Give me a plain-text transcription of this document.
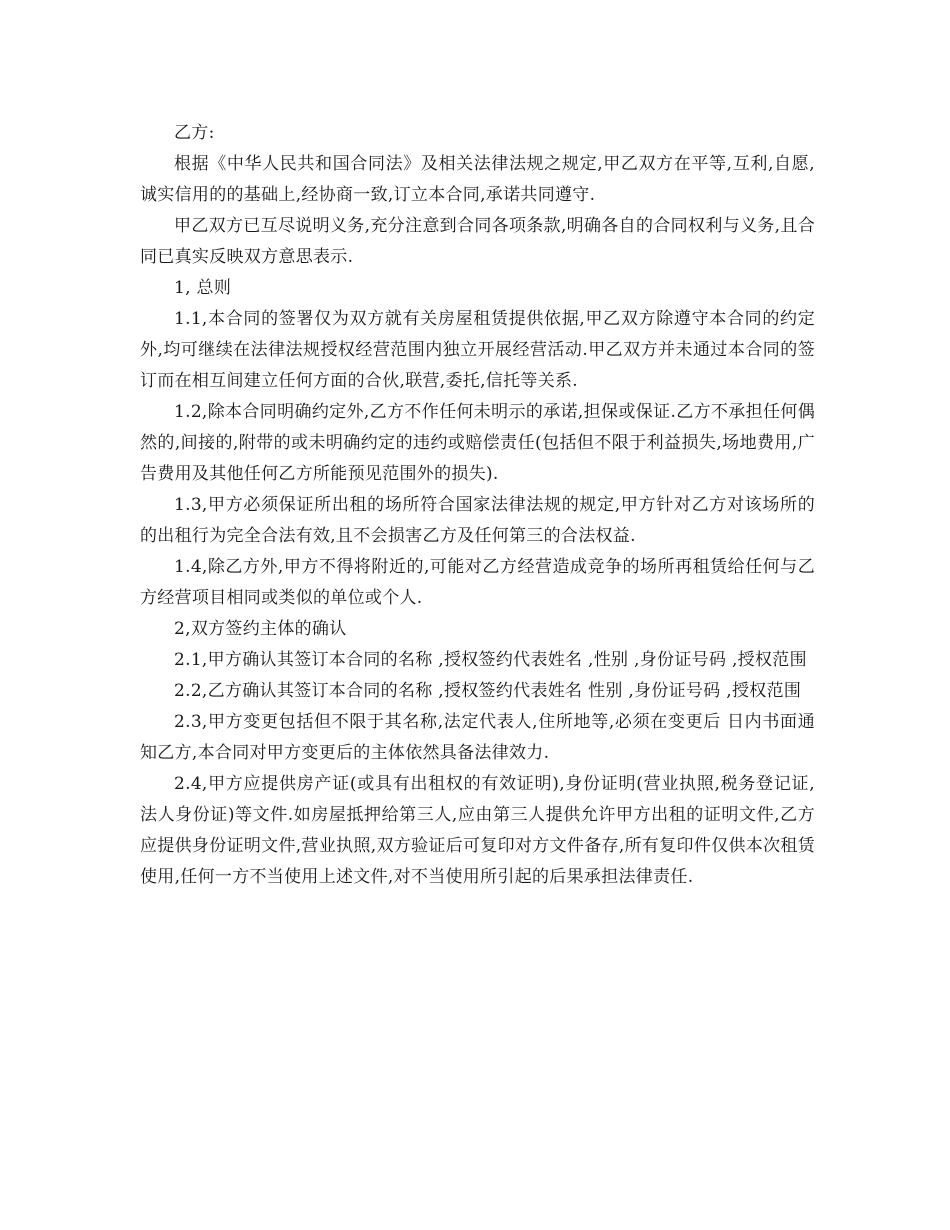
乙方:

根据《中华人民共和国合同法》及相关法律法规之规定,甲乙双方在平等,互利,自愿,诚实信用的的基础上,经协商一致,订立本合同,承诺共同遵守.

甲乙双方已互尽说明义务,充分注意到合同各项条款,明确各自的合同权利与义务,且合同已真实反映双方意思表示.

1, 总则

1.1,本合同的签署仅为双方就有关房屋租赁提供依据,甲乙双方除遵守本合同的约定外,均可继续在法律法规授权经营范围内独立开展经营活动.甲乙双方并未通过本合同的签订而在相互间建立任何方面的合伙,联营,委托,信托等关系.

1.2,除本合同明确约定外,乙方不作任何未明示的承诺,担保或保证.乙方不承担任何偶然的,间接的,附带的或未明确约定的违约或赔偿责任(包括但不限于利益损失,场地费用,广告费用及其他任何乙方所能预见范围外的损失).

1.3,甲方必须保证所出租的场所符合国家法律法规的规定,甲方针对乙方对该场所的的出租行为完全合法有效,且不会损害乙方及任何第三的合法权益.

1.4,除乙方外,甲方不得将附近的,可能对乙方经营造成竞争的场所再租赁给任何与乙方经营项目相同或类似的单位或个人.

2,双方签约主体的确认

2.1,甲方确认其签订本合同的名称 ,授权签约代表姓名 ,性别 ,身份证号码 ,授权范围

2.2,乙方确认其签订本合同的名称 ,授权签约代表姓名 性别 ,身份证号码 ,授权范围

2.3,甲方变更包括但不限于其名称,法定代表人,住所地等,必须在变更后 日内书面通知乙方,本合同对甲方变更后的主体依然具备法律效力.

2.4,甲方应提供房产证(或具有出租权的有效证明),身份证明(营业执照,税务登记证,法人身份证)等文件.如房屋抵押给第三人,应由第三人提供允许甲方出租的证明文件,乙方应提供身份证明文件,营业执照,双方验证后可复印对方文件备存,所有复印件仅供本次租赁使用,任何一方不当使用上述文件,对不当使用所引起的后果承担法律责任.
